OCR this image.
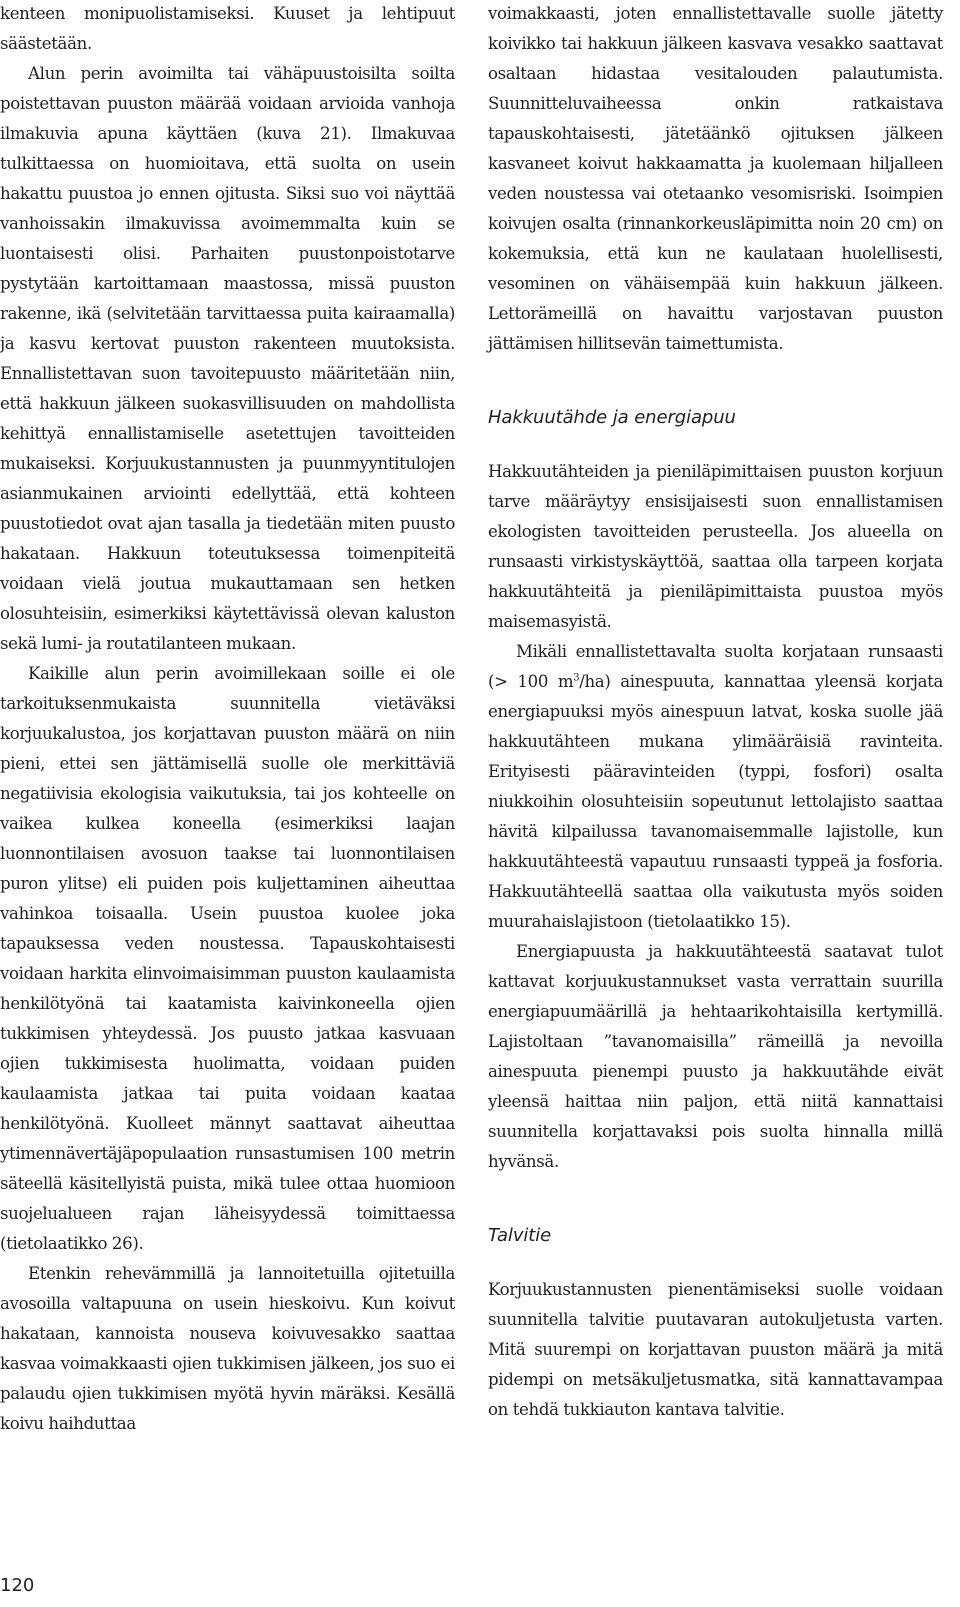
kenteen monipuolistamiseksi. Kuuset ja lehtipuut säästetään.

Alun perin avoimilta tai vähäpuustoisilta soilta poistettavan puuston määrää voidaan arvioida vanhoja ilmakuvia apuna käyttäen (kuva 21). Ilmakuvaa tulkittaessa on huomioitava, että suolta on usein hakattu puustoa jo ennen ojitusta. Siksi suo voi näyttää vanhoissakin ilmakuvissa avoimemmalta kuin se luontaisesti olisi. Parhaiten puustonpoistotarve pystytään kartoittamaan maastossa, missä puuston rakenne, ikä (selvitetään tarvittaessa puita kairaamalla) ja kasvu kertovat puuston rakenteen muutoksista. Ennallistettavan suon tavoitepuusto määritetään niin, että hakkuun jälkeen suokasvillisuuden on mahdollista kehittyä ennallistamiselle asetettujen tavoitteiden mukaiseksi. Korjuukustannusten ja puunmyyntitulojen asianmukainen arviointi edellyttää, että kohteen puustotiedot ovat ajan tasalla ja tiedetään miten puusto hakataan. Hakkuun toteutuksessa toimenpiteitä voidaan vielä joutua mukauttamaan sen hetken olosuhteisiin, esimerkiksi käytettävissä olevan kaluston sekä lumi- ja routatilanteen mukaan.

Kaikille alun perin avoimillekaan soille ei ole tarkoituksenmukaista suunnitella vietäväksi korjuukalustoa, jos korjattavan puuston määrä on niin pieni, ettei sen jättämisellä suolle ole merkittäviä negatiivisia ekologisia vaikutuksia, tai jos kohteelle on vaikea kulkea koneella (esimerkiksi laajan luonnontilaisen avosuon taakse tai luonnontilaisen puron ylitse) eli puiden pois kuljettaminen aiheuttaa vahinkoa toisaalla. Usein puustoa kuolee joka tapauksessa veden noustessa. Tapauskohtaisesti voidaan harkita elinvoimaisimman puuston kaulaamista henkilötyönä tai kaatamista kaivinkoneella ojien tukkimisen yhteydessä. Jos puusto jatkaa kasvuaan ojien tukkimisesta huolimatta, voidaan puiden kaulaamista jatkaa tai puita voidaan kaataa henkilötyönä. Kuolleet männyt saattavat aiheuttaa ytimennävertäjäpopulaation runsastumisen 100 metrin säteellä käsitellyistä puista, mikä tulee ottaa huomioon suojelualueen rajan läheisyydessä toimittaessa (tietolaatikko 26).

Etenkin rehevämmillä ja lannoitetuilla ojitetuilla avosoilla valtapuuna on usein hieskoivu. Kun koivut hakataan, kannoista nouseva koivuvesakko saattaa kasvaa voimakkaasti ojien tukkimisen jälkeen, jos suo ei palaudu ojien tukkimisen myötä hyvin märäksi. Kesällä koivu haihduttaa

voimakkaasti, joten ennallistettavalle suolle jätetty koivikko tai hakkuun jälkeen kasvava vesakko saattavat osaltaan hidastaa vesitalouden palautumista. Suunnitteluvaiheessa onkin ratkaistava tapauskohtaisesti, jätetäänkö ojituksen jälkeen kasvaneet koivut hakkaamatta ja kuolemaan hiljalleen veden noustessa vai otetaanko vesomisriski. Isoimpien koivujen osalta (rinnankorkeusläpimitta noin 20 cm) on kokemuksia, että kun ne kaulataan huolellisesti, vesominen on vähäisempää kuin hakkuun jälkeen. Lettorämeillä on havaittu varjostavan puuston jättämisen hillitsevän taimettumista.

Hakkuutähde ja energiapuu

Hakkuutähteiden ja pieniläpimittaisen puuston korjuun tarve määräytyy ensisijaisesti suon ennallistamisen ekologisten tavoitteiden perusteella. Jos alueella on runsaasti virkistyskäyttöä, saattaa olla tarpeen korjata hakkuutähteitä ja pieniläpimittaista puustoa myös maisemasyistä.

Mikäli ennallistettavalta suolta korjataan runsaasti (> 100 $m^3/ha$) ainespuuta, kannattaa yleensä korjata energiapuuksi myös ainespuun latvat, koska suolle jää hakkuutähteen mukana ylimääräisiä ravinteita. Erityisesti pääravinteiden (typpi, fosfori) osalta niukkoihin olosuhteisiin sopeutunut lettolajisto saattaa hävitä kilpailussa tavanomaisemmalle lajistolle, kun hakkuutähteestä vapautuu runsaasti typpeä ja fosforia. Hakkuutähteellä saattaa olla vaikutusta myös soiden muurahaislajistoon (tietolaatikko 15).

Energiapuusta ja hakkuutähteestä saatavat tulot kattavat korjuukustannukset vasta verrattain suurilla energiapuumäärillä ja hehtaarikohtaisilla kertymillä. Lajistoltaan ”tavanomaisilla” rämeillä ja nevoilla ainespuuta pienempi puusto ja hakkuutähde eivät yleensä haittaa niin paljon, että niitä kannattaisi suunnitella korjattavaksi pois suolta hinnalla millä hyvänsä.

Talvitie

Korjuukustannusten pienentämiseksi suolle voidaan suunnitella talvitie puutavaran autokuljetusta varten. Mitä suurempi on korjattavan puuston määrä ja mitä pidempi on metsäkuljetusmatka, sitä kannattavampaa on tehdä tukkiauton kantava talvitie.

120
